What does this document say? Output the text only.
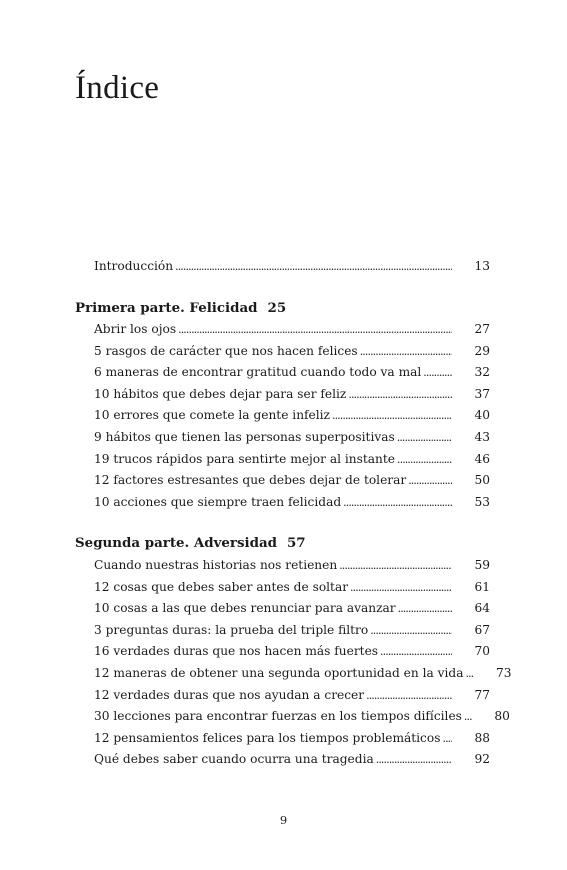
Índice
Introducción . . .	13
Primera parte. Felicidad 25
Abrir los ojos . . .	27
5 rasgos de carácter que nos hacen felices . . .	29
6 maneras de encontrar gratitud cuando todo va mal . . .	32
10 hábitos que debes dejar para ser feliz . . .	37
10 errores que comete la gente infeliz . . .	40
9 hábitos que tienen las personas superpositivas . . .	43
19 trucos rápidos para sentirte mejor al instante . . .	46
12 factores estresantes que debes dejar de tolerar . . .	50
10 acciones que siempre traen felicidad . . .	53
Segunda parte. Adversidad 57
Cuando nuestras historias nos retienen . . .	59
12 cosas que debes saber antes de soltar . . .	61
10 cosas a las que debes renunciar para avanzar . . .	64
3 preguntas duras: la prueba del triple filtro . . .	67
16 verdades duras que nos hacen más fuertes . . .	70
12 maneras de obtener una segunda oportunidad en la vida . . .	73
12 verdades duras que nos ayudan a crecer . . .	77
30 lecciones para encontrar fuerzas en los tiempos difíciles . . .	80
12 pensamientos felices para los tiempos problemáticos . . .	88
Qué debes saber cuando ocurra una tragedia . . .	92
9
